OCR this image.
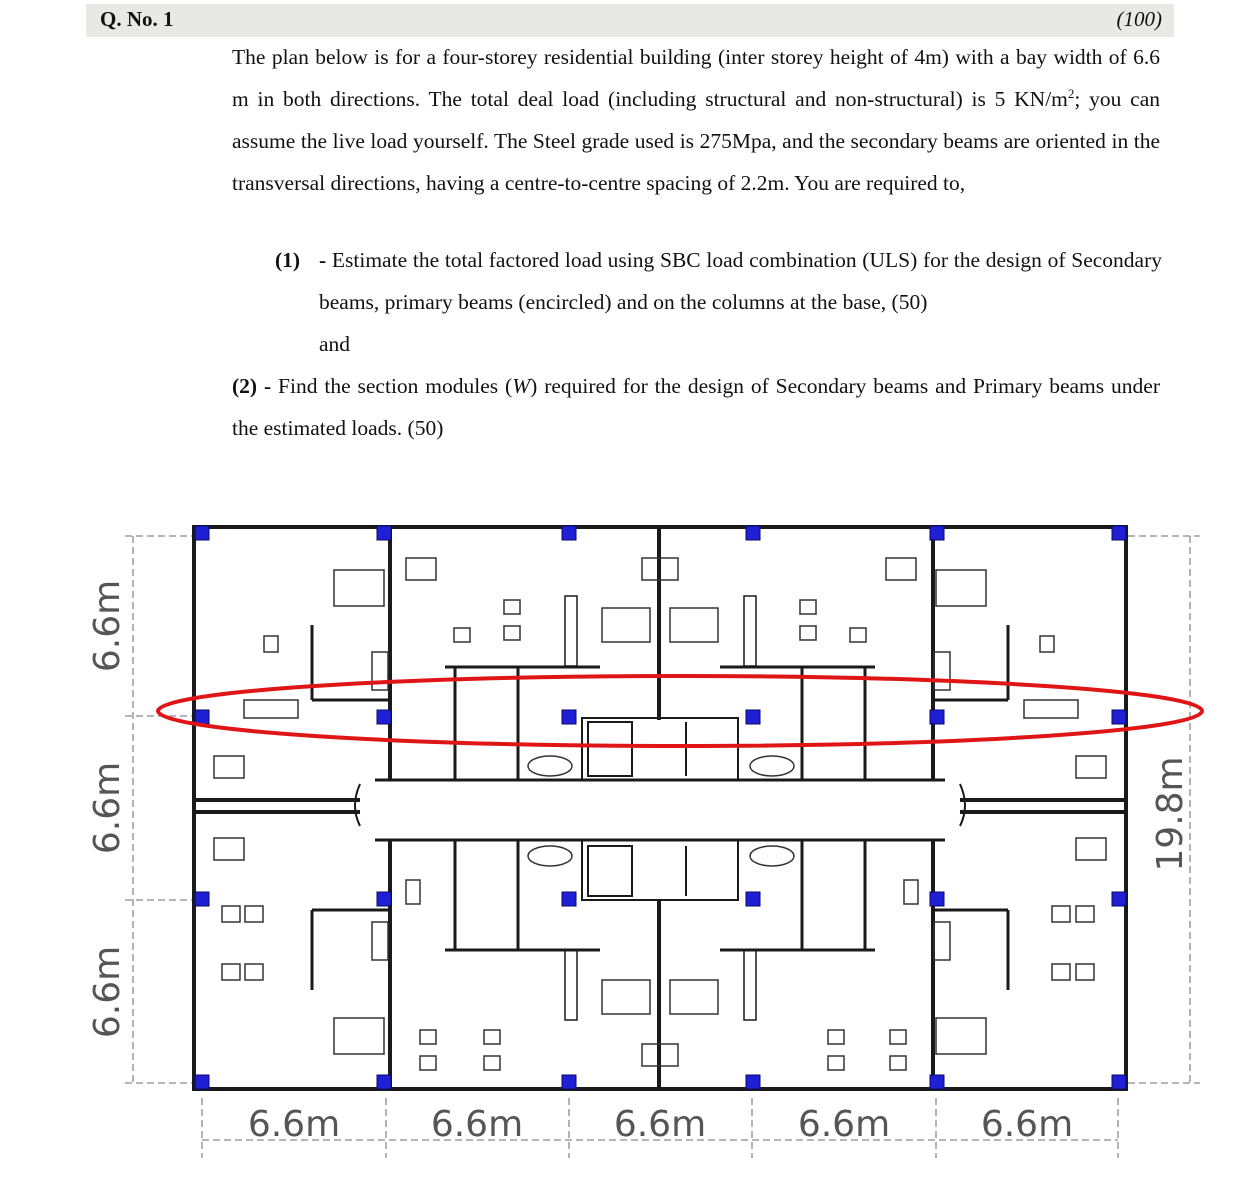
Q. No. 1	(100)

The plan below is for a four-storey residential building (inter storey height of 4m) with a bay width of 6.6 m in both directions. The total deal load (including structural and non-structural) is 5 $KN/m^2$; you can assume the live load yourself. The Steel grade used is 275Mpa, and the secondary beams are oriented in the transversal directions, having a centre-to-centre spacing of 2.2m. You are required to,

(1) - Estimate the total factored load using SBC load combination (ULS) for the design of Secondary beams, primary beams (encircled) and on the columns at the base, (50)
and
(2) - Find the section modules (W) required for the design of Secondary beams and Primary beams under the estimated loads. (50)
6.6m	6.6m	6.6m	6.6m	6.6m
6.6m
6.6m
6.6m
19.8m
